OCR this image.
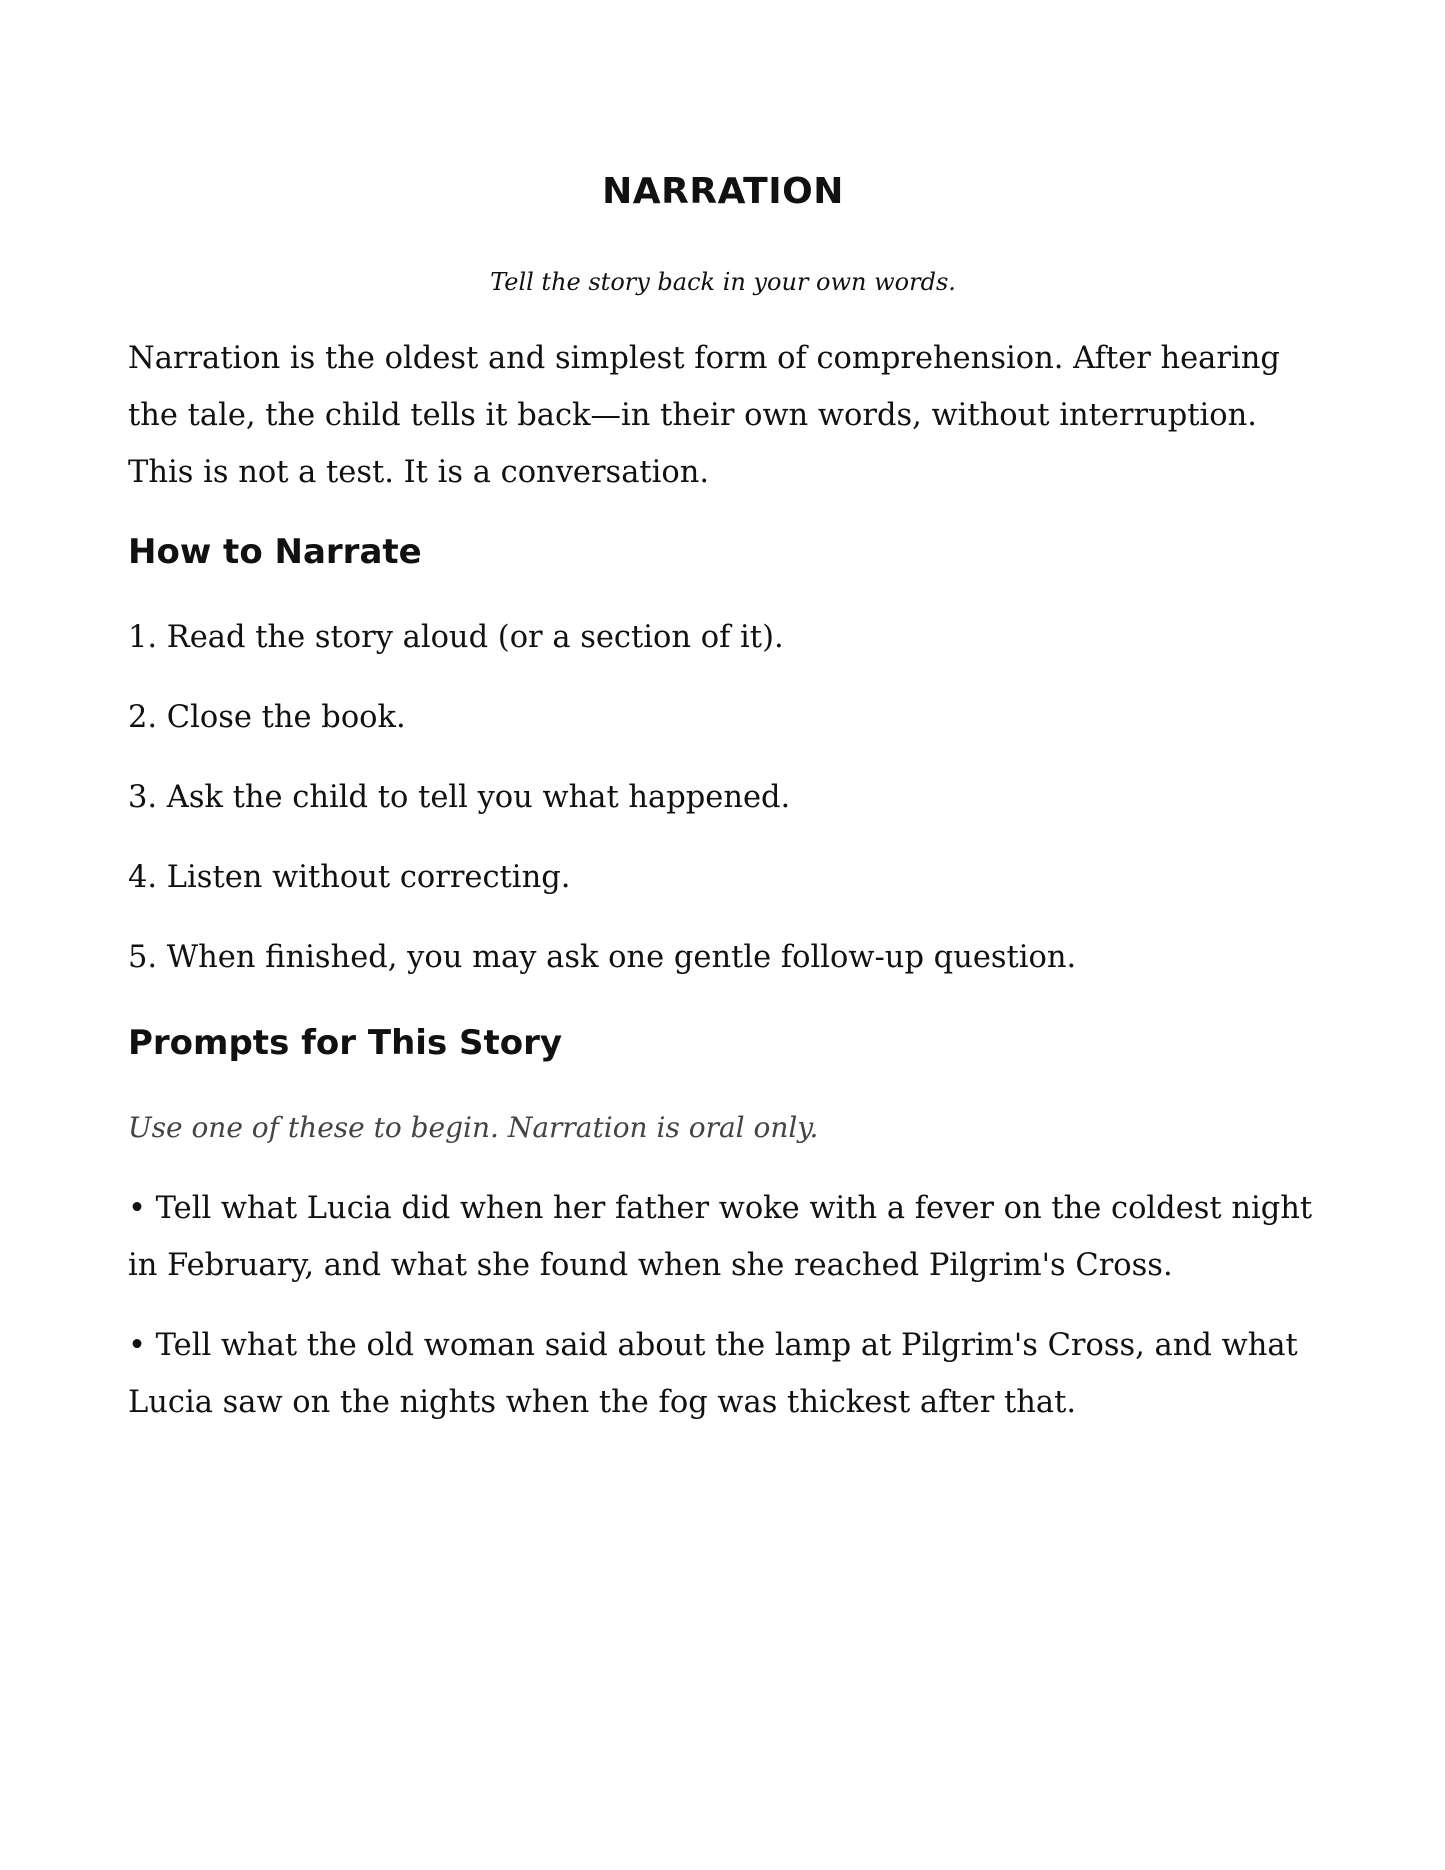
NARRATION

Tell the story back in your own words.

Narration is the oldest and simplest form of comprehension. After hearing the tale, the child tells it back—in their own words, without interruption. This is not a test. It is a conversation.

How to Narrate

1. Read the story aloud (or a section of it).

2. Close the book.

3. Ask the child to tell you what happened.

4. Listen without correcting.

5. When finished, you may ask one gentle follow-up question.

Prompts for This Story

Use one of these to begin. Narration is oral only.

• Tell what Lucia did when her father woke with a fever on the coldest night in February, and what she found when she reached Pilgrim's Cross.

• Tell what the old woman said about the lamp at Pilgrim's Cross, and what Lucia saw on the nights when the fog was thickest after that.
